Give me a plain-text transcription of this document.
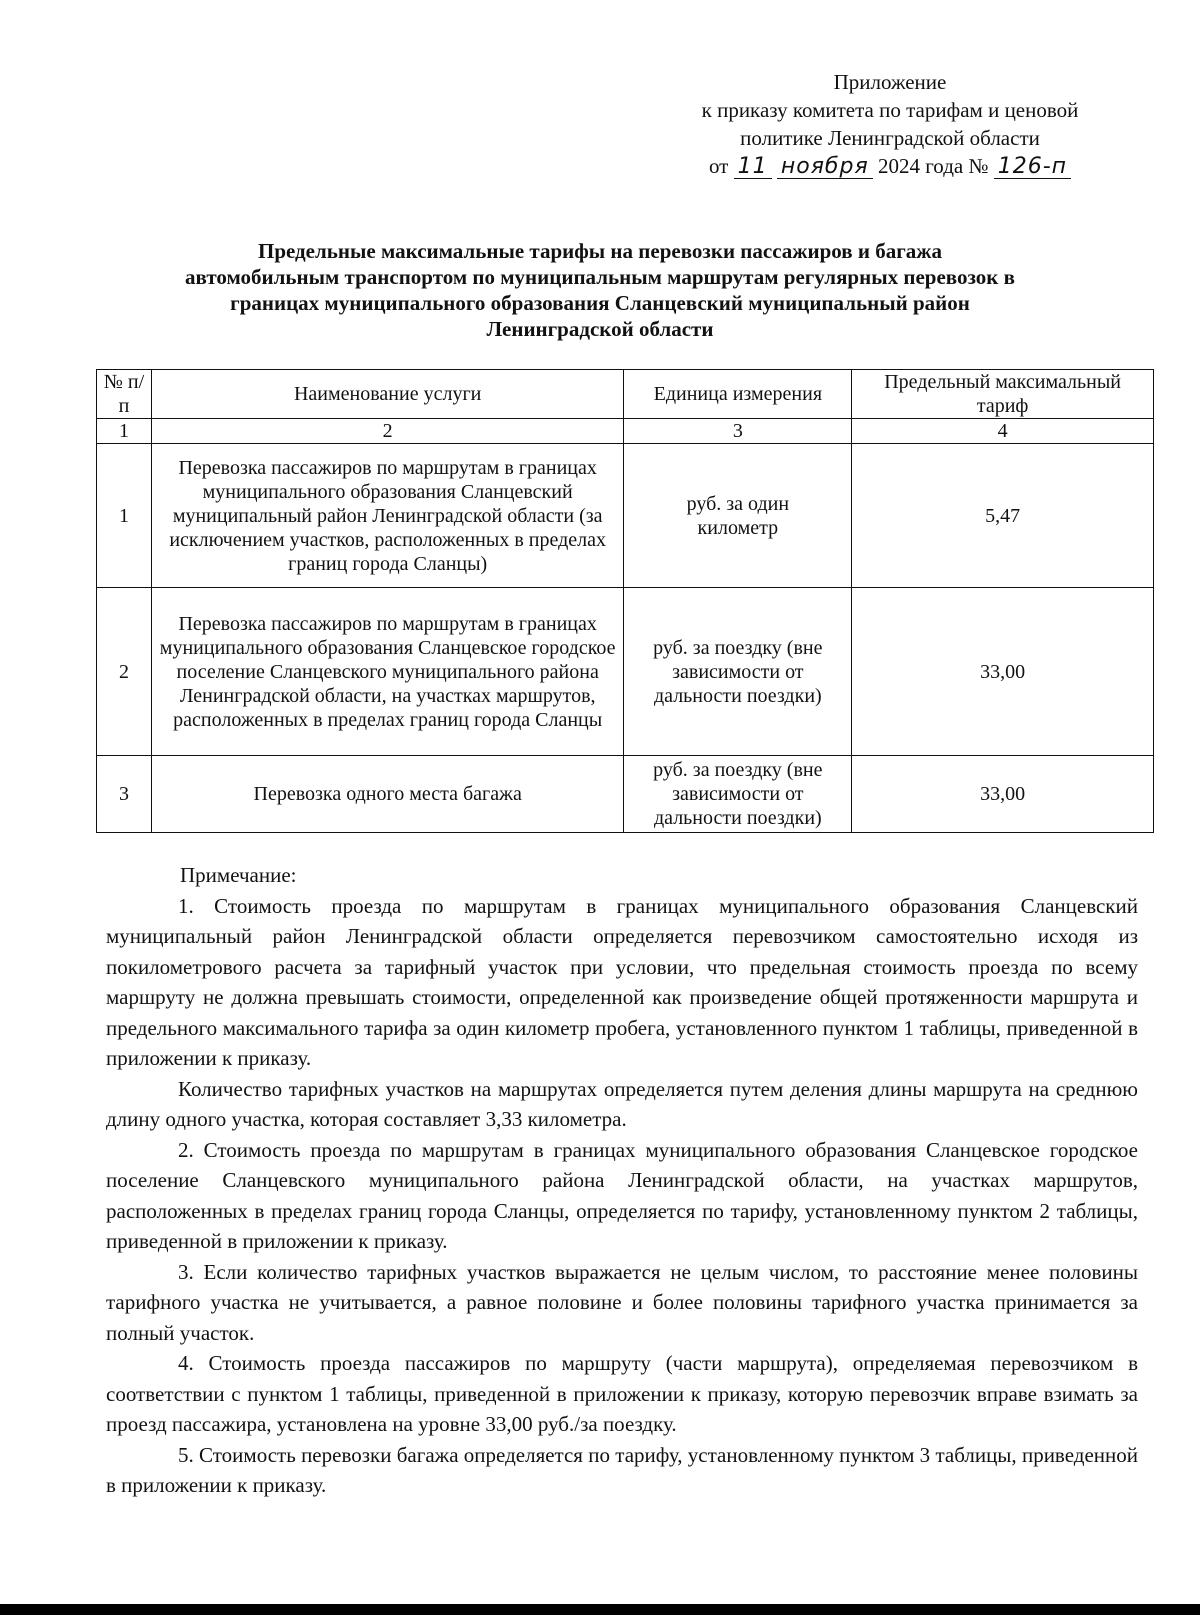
Приложение
к приказу комитета по тарифам и ценовой
политике Ленинградской области
от 11 ноября 2024 года № 126-п
Предельные максимальные тарифы на перевозки пассажиров и багажа
автомобильным транспортом по муниципальным маршрутам регулярных перевозок в
границах муниципального образования Сланцевский муниципальный район
Ленинградской области
№ п/п	Наименование услуги	Единица измерения	Предельный максимальный тариф
1	2	3	4
1	Перевозка пассажиров по маршрутам в границах муниципального образования Сланцевский муниципальный район Ленинградской области (за исключением участков, расположенных в пределах границ города Сланцы)	руб. за один километр	5,47
2	Перевозка пассажиров по маршрутам в границах муниципального образования Сланцевское городское поселение Сланцевского муниципального района Ленинградской области, на участках маршрутов, расположенных в пределах границ города Сланцы	руб. за поездку (вне зависимости от дальности поездки)	33,00
3	Перевозка одного места багажа	руб. за поездку (вне зависимости от дальности поездки)	33,00

Примечание:

1. Стоимость проезда по маршрутам в границах муниципального образования Сланцевский муниципальный район Ленинградской области определяется перевозчиком самостоятельно исходя из покилометрового расчета за тарифный участок при условии, что предельная стоимость проезда по всему маршруту не должна превышать стоимости, определенной как произведение общей протяженности маршрута и предельного максимального тарифа за один километр пробега, установленного пунктом 1 таблицы, приведенной в приложении к приказу.

Количество тарифных участков на маршрутах определяется путем деления длины маршрута на среднюю длину одного участка, которая составляет 3,33 километра.

2. Стоимость проезда по маршрутам в границах муниципального образования Сланцевское городское поселение Сланцевского муниципального района Ленинградской области, на участках маршрутов, расположенных в пределах границ города Сланцы, определяется по тарифу, установленному пунктом 2 таблицы, приведенной в приложении к приказу.

3. Если количество тарифных участков выражается не целым числом, то расстояние менее половины тарифного участка не учитывается, а равное половине и более половины тарифного участка принимается за полный участок.

4. Стоимость проезда пассажиров по маршруту (части маршрута), определяемая перевозчиком в соответствии с пунктом 1 таблицы, приведенной в приложении к приказу, которую перевозчик вправе взимать за проезд пассажира, установлена на уровне 33,00 руб./за поездку.

5. Стоимость перевозки багажа определяется по тарифу, установленному пунктом 3 таблицы, приведенной в приложении к приказу.
